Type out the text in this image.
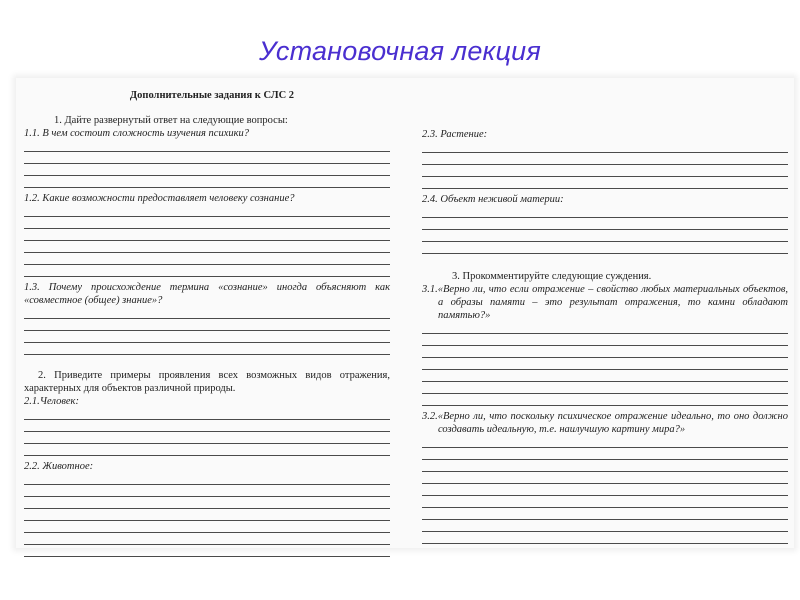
Установочная лекция
Дополнительные задания к СЛС 2
1. Дайте развернутый ответ на следующие вопросы:
1.1. В чем состоит сложность изучения психики?
1.2. Какие возможности предоставляет человеку сознание?
1.3. Почему происхождение термина «сознание» иногда объясняют как «совместное (общее) знание»?
2. Приведите примеры проявления всех возможных видов отражения, характерных для объектов различной природы.
2.1.Человек:
2.2. Животное:
2.3. Растение:
2.4. Объект неживой материи:
3. Прокомментируйте следующие суждения.
3.1.«Верно ли, что если отражение – свойство любых материальных объектов, а образы памяти – это результат отражения, то камни обладают памятью?»
3.2.«Верно ли, что поскольку психическое отражение идеально, то оно должно создавать идеальную, т.е. наилучшую картину мира?»
